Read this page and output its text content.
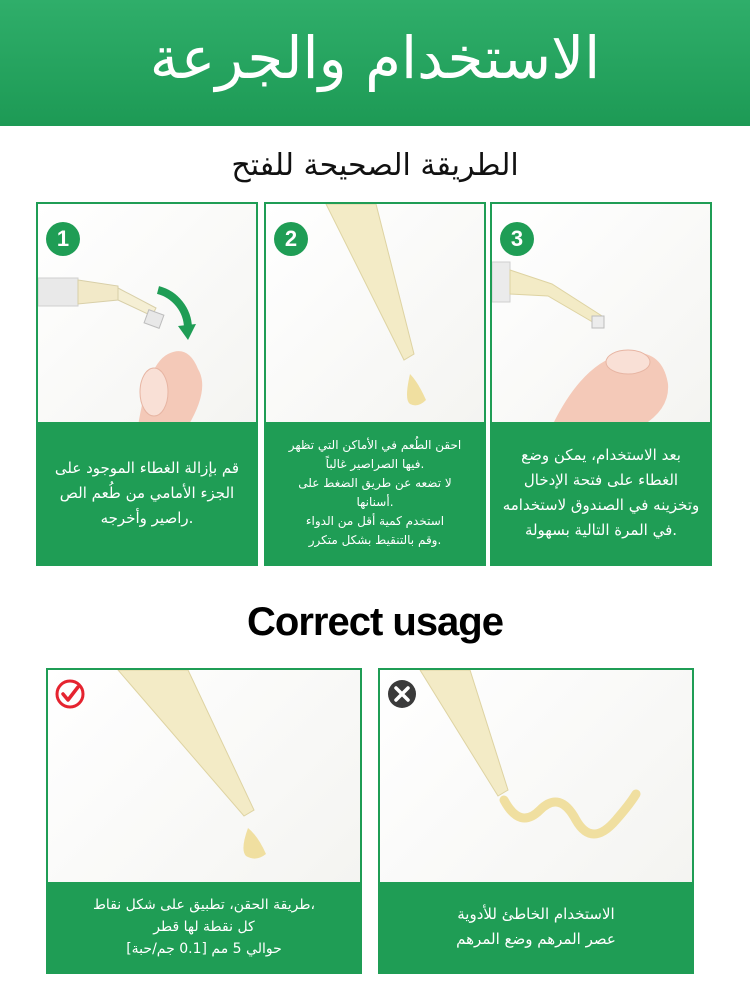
الاستخدام والجرعة
الطريقة الصحيحة للفتح
1
قم بإزالة الغطاء الموجود على
الجزء الأمامي من طُعم الص
راصير وأخرجه.
2
احقن الطُعم في الأماكن التي تظهر
فيها الصراصير غالباً.
لا تضعه عن طريق الضغط على
أسنانها.
استخدم كمية أقل من الدواء
وقم بالتنقيط بشكل متكرر.
3
بعد الاستخدام، يمكن وضع
الغطاء على فتحة الإدخال
وتخزينه في الصندوق لاستخدامه
في المرة التالية بسهولة.
Correct usage
طريقة الحقن، تطبيق على شكل نقاط،
كل نقطة لها قطر
حوالي 5 مم [0.1 جم/حبة]
الاستخدام الخاطئ للأدوية
عصر المرهم وضع المرهم
